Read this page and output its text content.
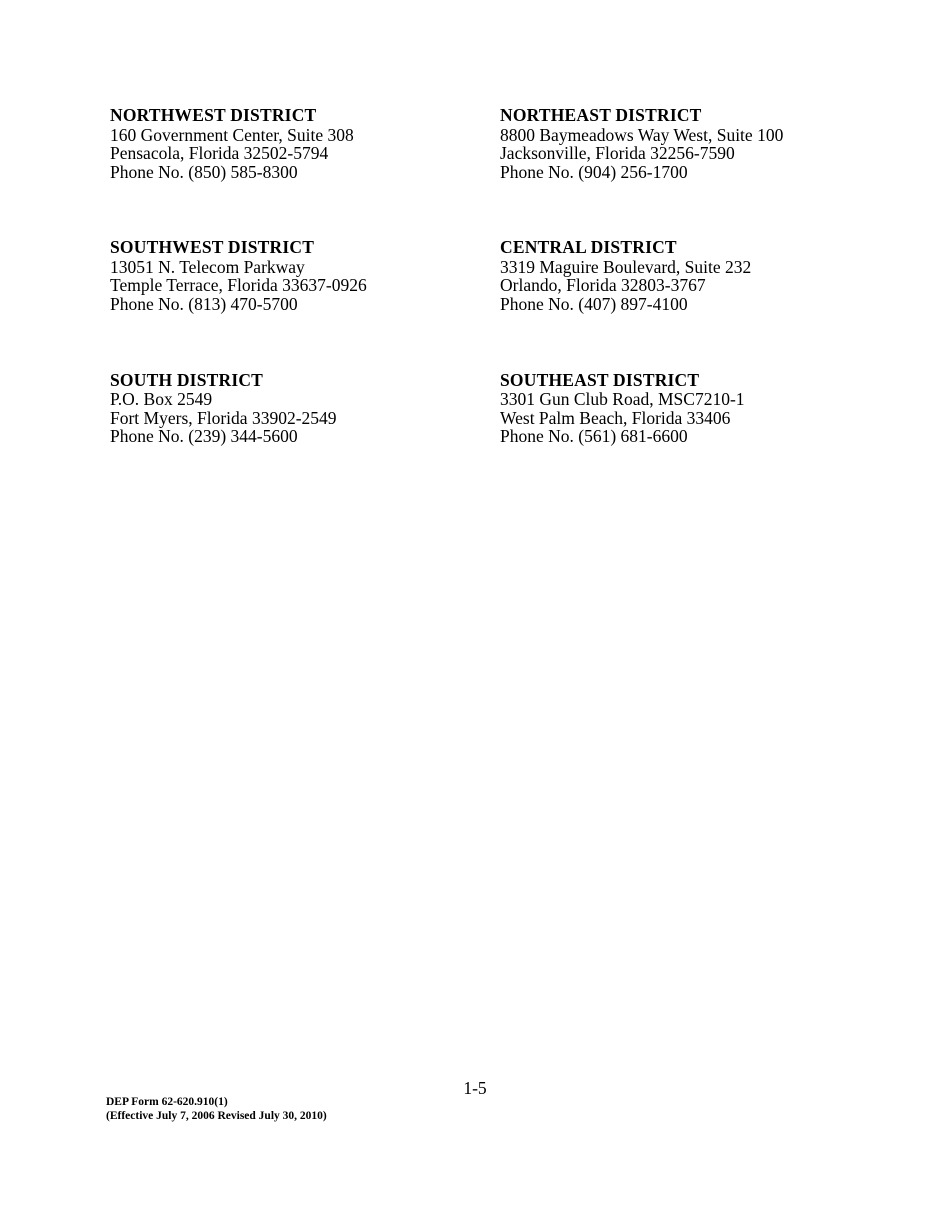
NORTHWEST DISTRICT
160 Government Center, Suite 308
Pensacola, Florida 32502-5794
Phone No. (850) 585-8300
NORTHEAST DISTRICT
8800 Baymeadows Way West, Suite 100
Jacksonville, Florida 32256-7590
Phone No. (904) 256-1700
SOUTHWEST DISTRICT
13051 N. Telecom Parkway
Temple Terrace, Florida 33637-0926
Phone No. (813) 470-5700
CENTRAL DISTRICT
3319 Maguire Boulevard, Suite 232
Orlando, Florida 32803-3767
Phone No. (407) 897-4100
SOUTH DISTRICT
P.O. Box 2549
Fort Myers, Florida 33902-2549
Phone No. (239) 344-5600
SOUTHEAST DISTRICT
3301 Gun Club Road, MSC7210-1
West Palm Beach, Florida 33406
Phone No. (561) 681-6600
1-5
DEP Form 62-620.910(1)
(Effective July 7, 2006 Revised July 30, 2010)
